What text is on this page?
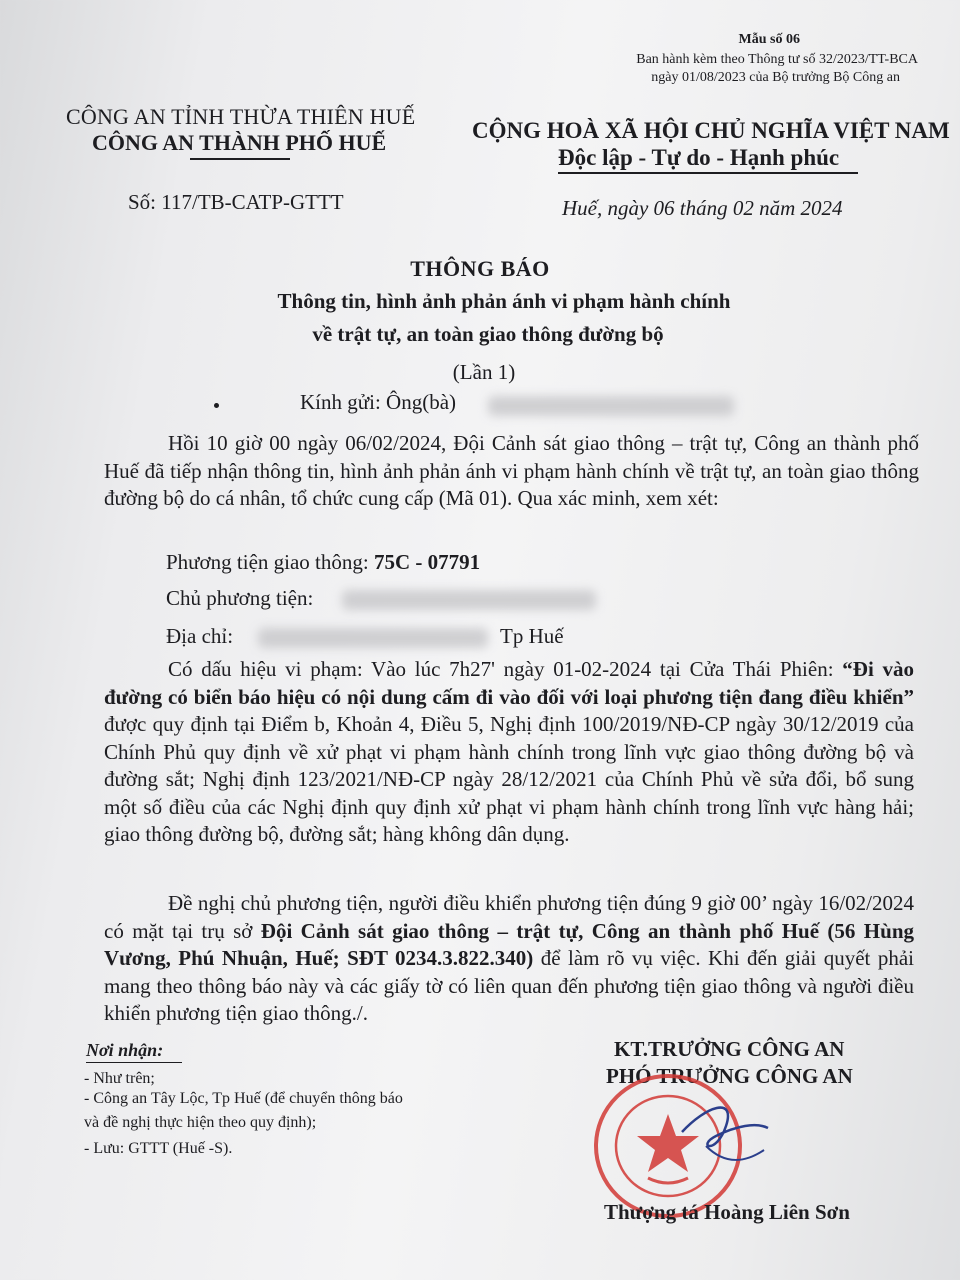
Mẫu số 06
Ban hành kèm theo Thông tư số 32/2023/TT-BCA
ngày 01/08/2023 của Bộ trưởng Bộ Công an
CÔNG AN TỈNH THỪA THIÊN HUẾ
CÔNG AN THÀNH PHỐ HUẾ	CỘNG HOÀ XÃ HỘI CHỦ NGHĨA VIỆT NAM
Độc lập - Tự do - Hạnh phúc
Số: 117/TB-CATP-GTTT	Huế, ngày 06 tháng 02 năm 2024
THÔNG BÁO
Thông tin, hình ảnh phản ánh vi phạm hành chính
về trật tự, an toàn giao thông đường bộ
(Lần 1)
Kính gửi: Ông(bà)
Hồi 10 giờ 00 ngày 06/02/2024, Đội Cảnh sát giao thông – trật tự, Công an thành phố Huế đã tiếp nhận thông tin, hình ảnh phản ánh vi phạm hành chính về trật tự, an toàn giao thông đường bộ do cá nhân, tổ chức cung cấp (Mã 01). Qua xác minh, xem xét:
Phương tiện giao thông: 75C - 07791
Chủ phương tiện:
Địa chỉ:	Tp Huế
Có dấu hiệu vi phạm: Vào lúc 7h27' ngày 01-02-2024 tại Cửa Thái Phiên: “Đi vào đường có biển báo hiệu có nội dung cấm đi vào đối với loại phương tiện đang điều khiển” được quy định tại Điểm b, Khoản 4, Điều 5, Nghị định 100/2019/NĐ-CP ngày 30/12/2019 của Chính Phủ quy định về xử phạt vi phạm hành chính trong lĩnh vực giao thông đường bộ và đường sắt; Nghị định 123/2021/NĐ-CP ngày 28/12/2021 của Chính Phủ về sửa đổi, bổ sung một số điều của các Nghị định quy định xử phạt vi phạm hành chính trong lĩnh vực hàng hải; giao thông đường bộ, đường sắt; hàng không dân dụng.
Đề nghị chủ phương tiện, người điều khiển phương tiện đúng 9 giờ 00’ ngày 16/02/2024 có mặt tại trụ sở Đội Cảnh sát giao thông – trật tự, Công an thành phố Huế (56 Hùng Vương, Phú Nhuận, Huế; SĐT 0234.3.822.340) để làm rõ vụ việc. Khi đến giải quyết phải mang theo thông báo này và các giấy tờ có liên quan đến phương tiện giao thông và người điều khiển phương tiện giao thông./.
Nơi nhận:
- Như trên;
- Công an Tây Lộc, Tp Huế (để chuyển thông báo
và đề nghị thực hiện theo quy định);
- Lưu: GTTT (Huế -S).
KT.TRƯỞNG CÔNG AN
PHÓ TRƯỞNG CÔNG AN
Thượng tá Hoàng Liên Sơn
